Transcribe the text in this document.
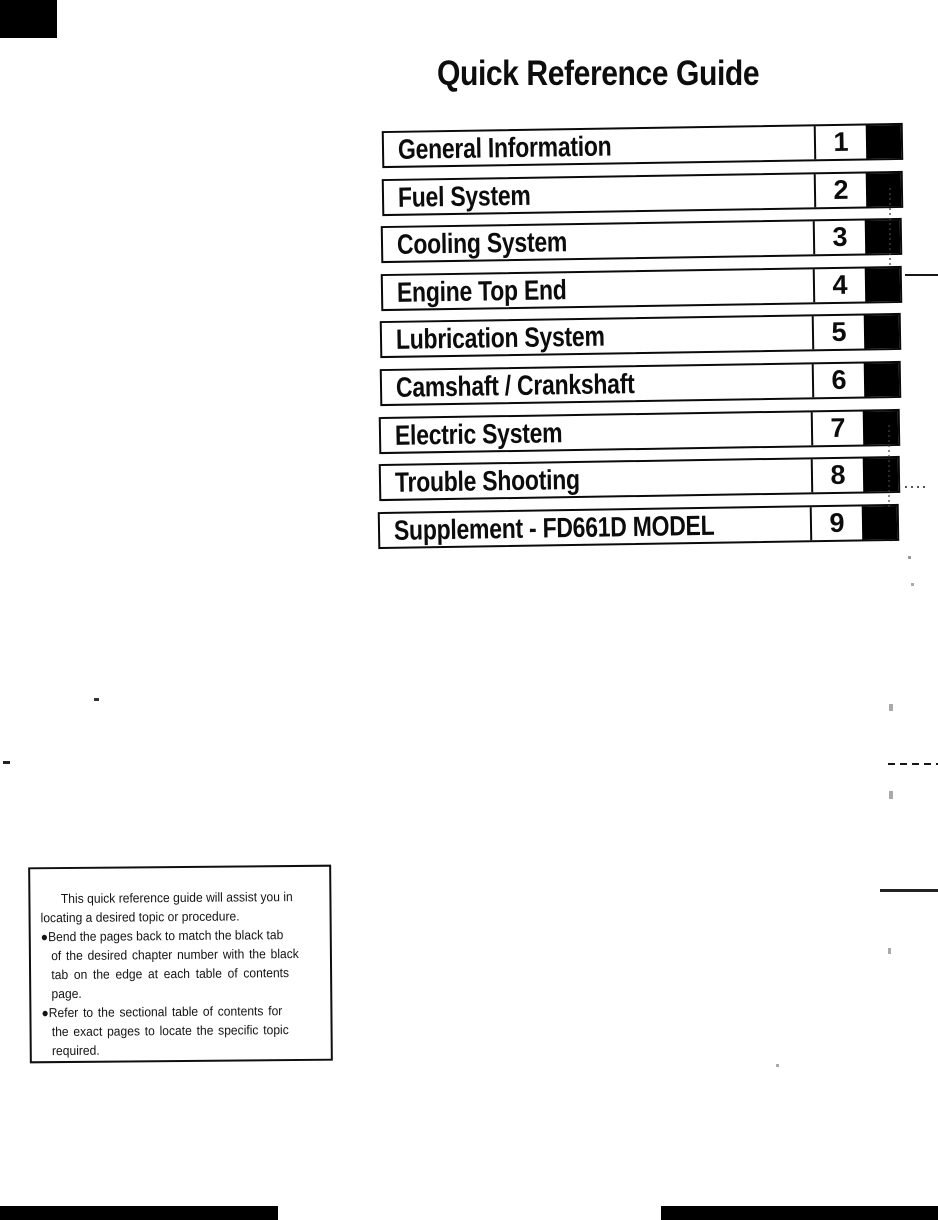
Quick Reference Guide
General Information	1
Fuel System	2
Cooling System	3
Engine Top End	4
Lubrication System	5
Camshaft / Crankshaft	6
Electric System	7
Trouble Shooting	8
Supplement - FD661D MODEL	9
This quick reference guide will assist you in
locating a desired topic or procedure.
●Bend the pages back to match the black tab
of the desired chapter number with the black
tab on the edge at each table of contents
page.
●Refer to the sectional table of contents for
the exact pages to locate the specific topic
required.
